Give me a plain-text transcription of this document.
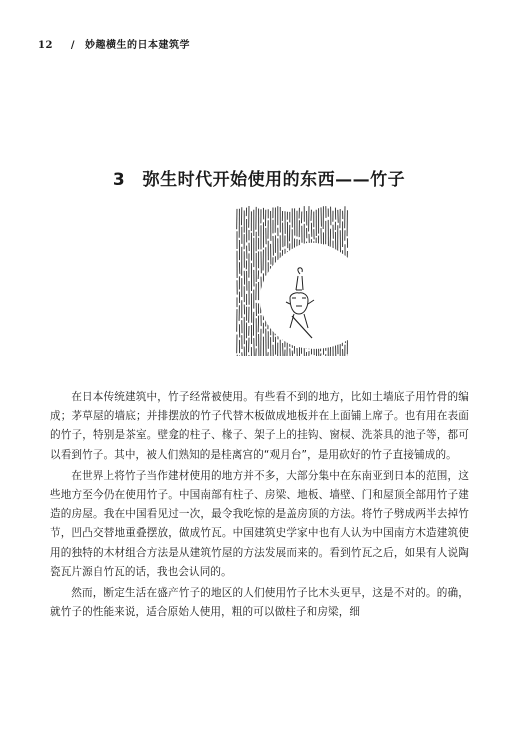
12 / 妙趣横生的日本建筑学
3　弥生时代开始使用的东西——竹子

在日本传统建筑中，竹子经常被使用。有些看不到的地方，比如土墙底子用竹骨的编成；茅草屋的墙底；并排摆放的竹子代替木板做成地板并在上面铺上席子。也有用在表面的竹子，特别是茶室。壁龛的柱子、椽子、架子上的挂钩、窗棂、洗茶具的池子等，都可以看到竹子。其中，被人们熟知的是桂离宫的“观月台”，是用砍好的竹子直接铺成的。

在世界上将竹子当作建材使用的地方并不多，大部分集中在东南亚到日本的范围，这些地方至今仍在使用竹子。中国南部有柱子、房梁、地板、墙壁、门和屋顶全部用竹子建造的房屋。我在中国看见过一次，最令我吃惊的是盖房顶的方法。将竹子劈成两半去掉竹节，凹凸交替地重叠摆放，做成竹瓦。中国建筑史学家中也有人认为中国南方木造建筑使用的独特的木材组合方法是从建筑竹屋的方法发展而来的。看到竹瓦之后，如果有人说陶瓷瓦片源自竹瓦的话，我也会认同的。

然而，断定生活在盛产竹子的地区的人们使用竹子比木头更早，这是不对的。的确，就竹子的性能来说，适合原始人使用，粗的可以做柱子和房梁，细
